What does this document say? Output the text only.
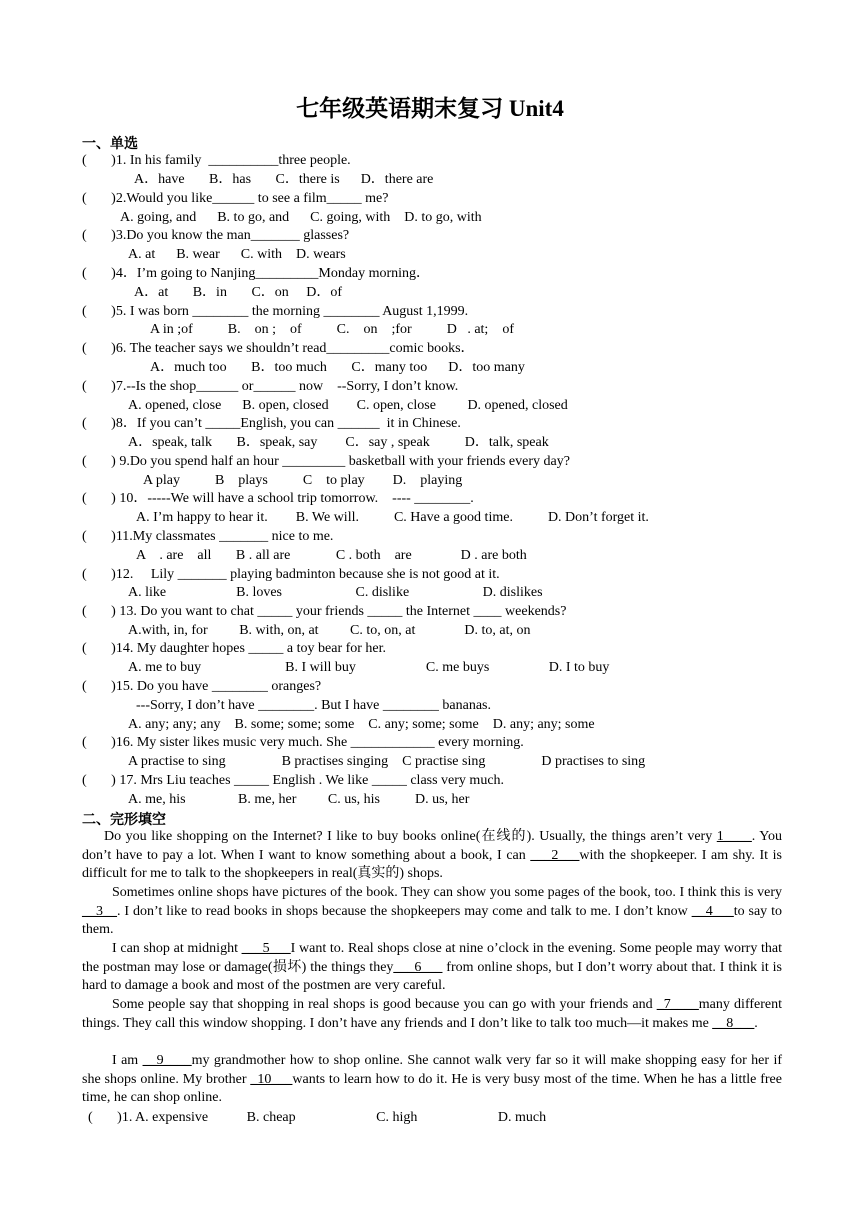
七年级英语期末复习 Unit4
一、单选
(       )1. In his family  __________three people.
A．have       B．has       C．there is      D．there are
(       )2.Would you like______ to see a film_____ me?
A. going, and      B. to go, and      C. going, with    D. to go, with
(       )3.Do you know the man_______ glasses?
A. at      B. wear      C. with    D. wears
(       )4．I’m going to Nanjing_________Monday morning．
A．at       B．in       C．on     D．of
(       )5. I was born ________ the morning ________ August 1,1999.
A in ;of          B.    on ;    of          C.    on    ;for          D   . at;    of
(       )6. The teacher says we shouldn’t read_________comic books．
A．much too       B．too much       C．many too      D．too many
(       )7.--Is the shop______ or______ now    --Sorry, I don’t know.
A. opened, close      B. open, closed        C. open, close         D. opened, closed
(       )8．If you can’t _____English, you can ______  it in Chinese.
A．speak, talk       B．speak, say        C．say , speak          D．talk, speak
(       ) 9.Do you spend half an hour _________ basketball with your friends every day?
A play          B    plays          C    to play        D.    playing
(       ) 10．-----We will have a school trip tomorrow.    ---- ________.
A. I’m happy to hear it.        B. We will.          C. Have a good time.          D. Don’t forget it.
(       )11.My classmates _______ nice to me.
A    . are    all       B . all are             C . both    are              D . are both
(       )12.     Lily _______ playing badminton because she is not good at it.
A. like                    B. loves                     C. dislike                     D. dislikes
(       ) 13. Do you want to chat _____ your friends _____ the Internet ____ weekends?
A.with, in, for         B. with, on, at         C. to, on, at              D. to, at, on
(       )14. My daughter hopes _____ a toy bear for her.
A. me to buy                        B. I will buy                    C. me buys                 D. I to buy
(       )15. Do you have ________ oranges?
---Sorry, I don’t have ________. But I have ________ bananas.
A. any; any; any    B. some; some; some    C. any; some; some    D. any; any; some
(       )16. My sister likes music very much. She ____________ every morning.
A practise to sing                B practises singing    C practise sing                D practises to sing
(       ) 17. Mrs Liu teaches _____ English . We like _____ class very much.
A. me, his               B. me, her         C. us, his          D. us, her
二、完形填空
Do you like shopping on the Internet? I like to buy books online(在线的). Usually, the things aren’t very 1____. You don’t have to pay a lot. When I want to know something about a book, I can ___2___with the shopkeeper. I am shy. It is difficult for me to talk to the shopkeepers in real(真实的) shops.
Sometimes online shops have pictures of the book. They can show you some pages of the book, too. I think this is very __3__. I don’t like to read books in shops because the shopkeepers may come and talk to me. I don’t know __4___to say to them.
I can shop at midnight ___5___I want to. Real shops close at nine o’clock in the evening. Some people may worry that the postman may lose or damage(损坏) the things they___6___ from online shops, but I don’t worry about that. I think it is hard to damage a book and most of the postmen are very careful.
Some people say that shopping in real shops is good because you can go with your friends and _7____many different things. They call this window shopping. I don’t have any friends and I don’t like to talk too much—it makes me __8___.
I am __9____my grandmother how to shop online. She cannot walk very far so it will make shopping easy for her if she shops online. My brother _10___wants to learn how to do it. He is very busy most of the time. When he has a little free time, he can shop online.
(       )1. A. expensive           B. cheap                       C. high                       D. much
